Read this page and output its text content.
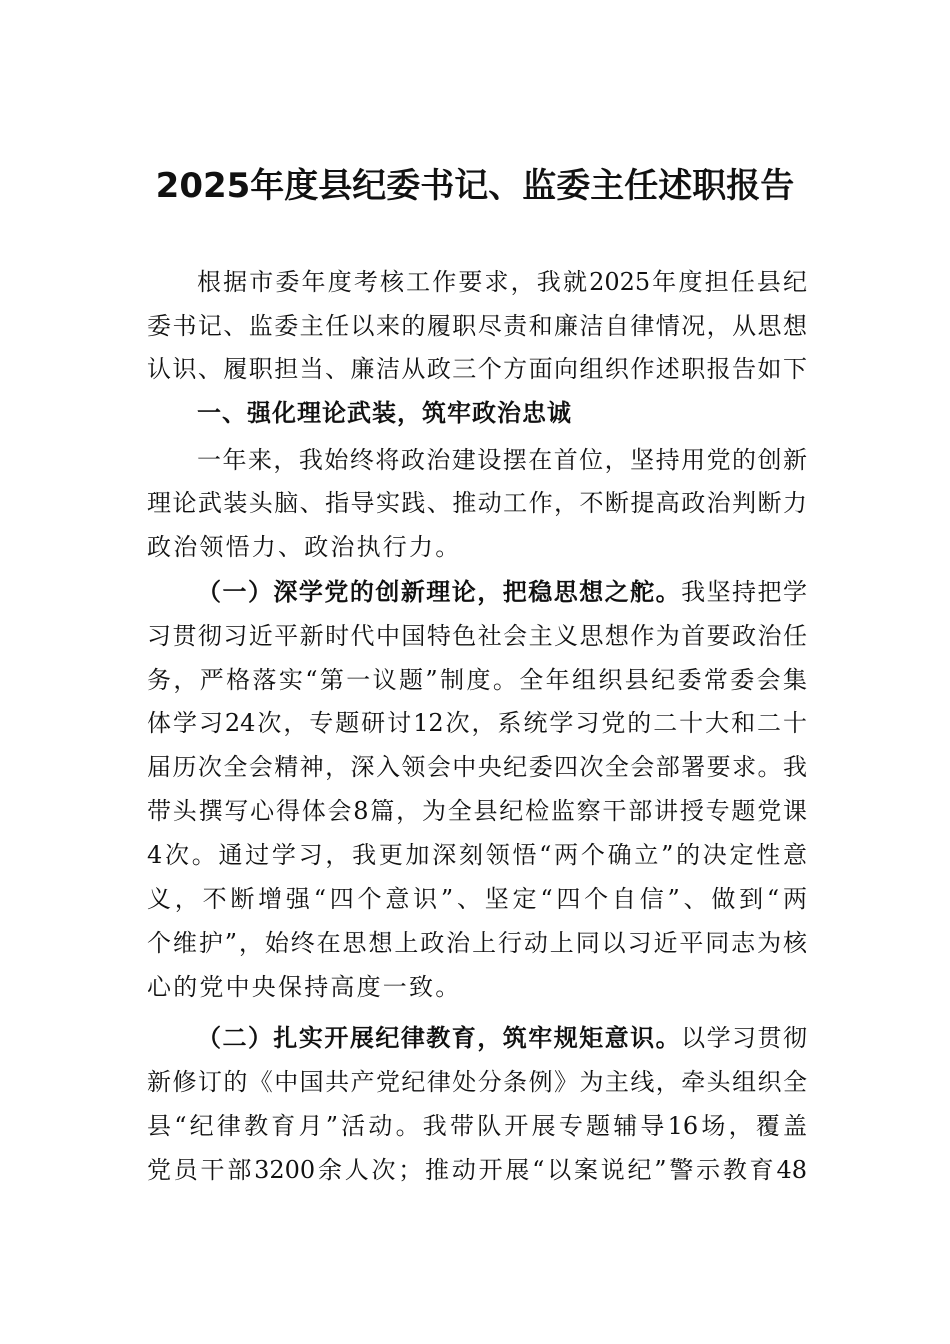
2025年度县纪委书记、监委主任述职报告
根据市委年度考核工作要求，我就2025年度担任县纪
委书记、监委主任以来的履职尽责和廉洁自律情况，从思想
认识、履职担当、廉洁从政三个方面向组织作述职报告如下
一、强化理论武装，筑牢政治忠诚
一年来，我始终将政治建设摆在首位，坚持用党的创新
理论武装头脑、指导实践、推动工作，不断提高政治判断力
政治领悟力、政治执行力。
（一）深学党的创新理论，把稳思想之舵。我坚持把学
习贯彻习近平新时代中国特色社会主义思想作为首要政治任
务，严格落实“第一议题”制度。全年组织县纪委常委会集
体学习24次，专题研讨12次，系统学习党的二十大和二十
届历次全会精神，深入领会中央纪委四次全会部署要求。我
带头撰写心得体会8篇，为全县纪检监察干部讲授专题党课
4次。通过学习，我更加深刻领悟“两个确立”的决定性意
义，不断增强“四个意识”、坚定“四个自信”、做到“两
个维护”，始终在思想上政治上行动上同以习近平同志为核
心的党中央保持高度一致。
（二）扎实开展纪律教育，筑牢规矩意识。以学习贯彻
新修订的《中国共产党纪律处分条例》为主线，牵头组织全
县“纪律教育月”活动。我带队开展专题辅导16场，覆盖
党员干部3200余人次；推动开展“以案说纪”警示教育48
